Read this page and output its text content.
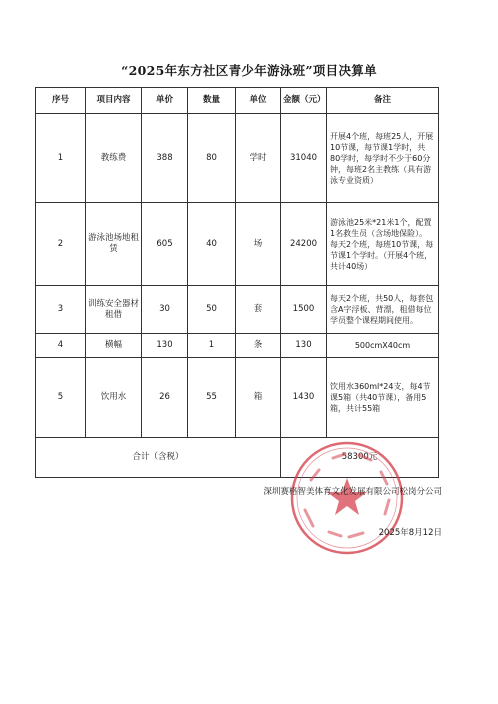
“2025年东方社区青少年游泳班”项目决算单
序号	项目内容	单价	数量	单位	金额（元）	备注
1	教练费	388	80	学时	31040	开展4个班，每班25人，开展10节课，每节课1学时，共80学时，每学时不少于60分钟，每班2名主教练（具有游泳专业资质）
2	游泳池场地租赁	605	40	场	24200	游泳池25米*21米1个，配置1名救生员（含场地保险）。每天2个班，每班10节课，每节课1个学时。（开展4个班，共计40场）
3	训练安全器材租借	30	50	套	1500	每天2个班，共50人，每套包含A字浮板、背漂，租借每位学员整个课程期间使用。
4	横幅	130	1	条	130	500cmX40cm
5	饮用水	26	55	箱	1430	饮用水360ml*24支，每4节课5箱（共40节课），备用5箱，共计55箱
合计（含税）					58300元	
深圳赛格智美体育文化发展有限公司松岗分公司
2025年8月12日
